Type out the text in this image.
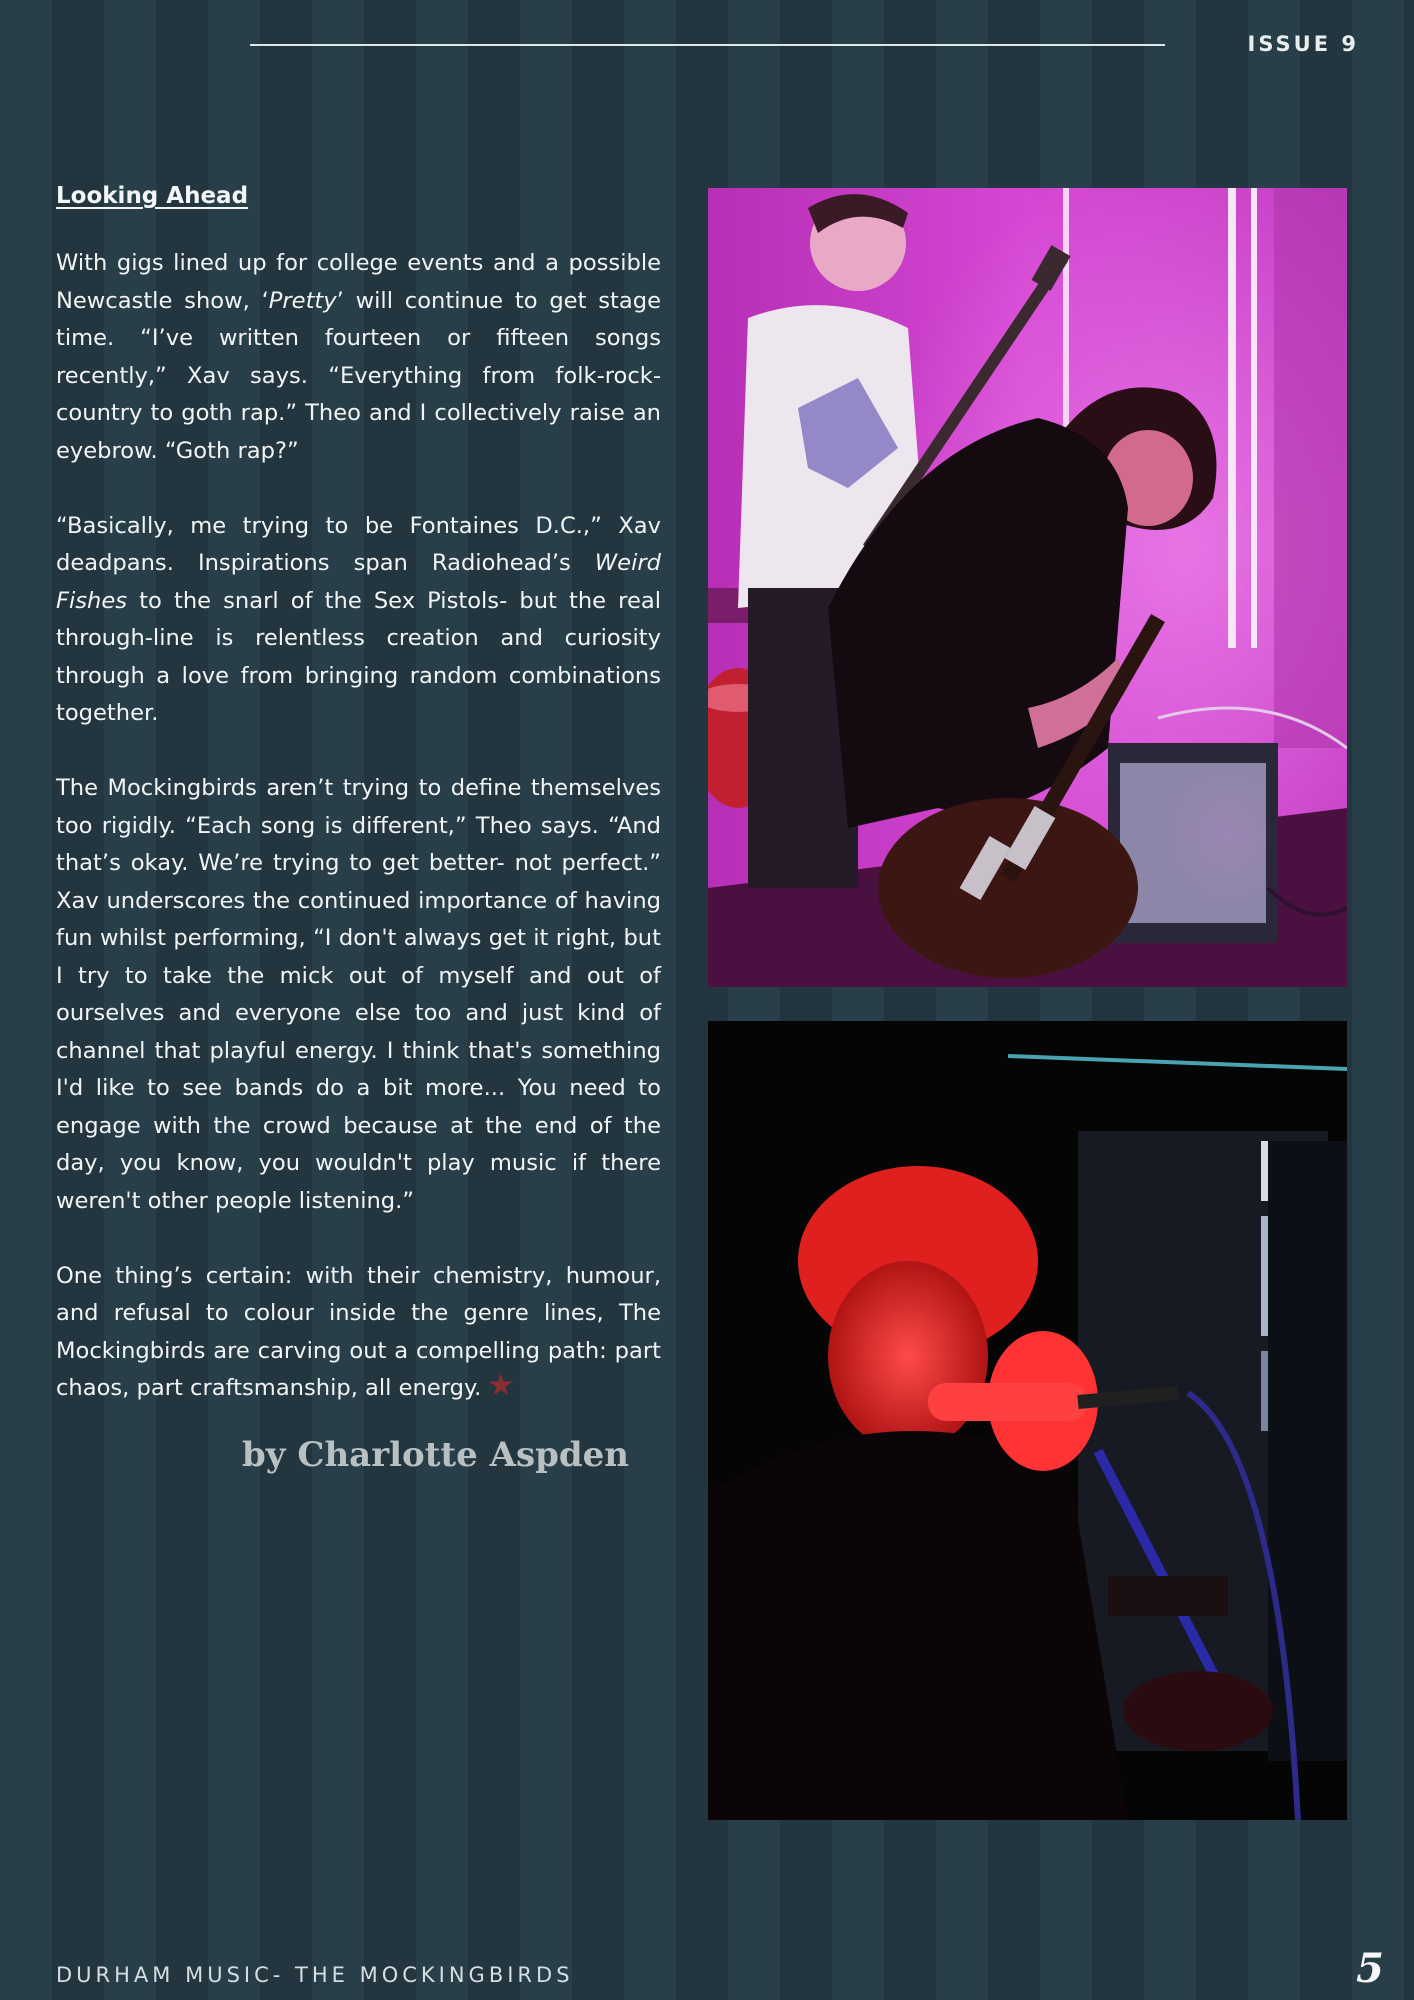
ISSUE 9
Looking Ahead

With gigs lined up for college events and a possible Newcastle show, ‘Pretty’ will continue to get stage time. “I’ve written fourteen or fifteen songs recently,” Xav says. “Everything from folk-rock-country to goth rap.” Theo and I collectively raise an eyebrow. “Goth rap?”

“Basically, me trying to be Fontaines D.C.,” Xav deadpans. Inspirations span Radiohead’s Weird Fishes to the snarl of the Sex Pistols- but the real through-line is relentless creation and curiosity through a love from bringing random combinations together.

The Mockingbirds aren’t trying to define themselves too rigidly. “Each song is different,” Theo says. “And that’s okay. We’re trying to get better- not perfect.” Xav underscores the continued importance of having fun whilst performing, “I don't always get it right, but I try to take the mick out of myself and out of ourselves and everyone else too and just kind of channel that playful energy. I think that's something I'd like to see bands do a bit more... You need to engage with the crowd because at the end of the day, you know, you wouldn't play music if there weren't other people listening.”

One thing’s certain: with their chemistry, humour, and refusal to colour inside the genre lines, The Mockingbirds are carving out a compelling path: part chaos, part craftsmanship, all energy. ★

by Charlotte Aspden
DURHAM MUSIC- THE MOCKINGBIRDS	5
